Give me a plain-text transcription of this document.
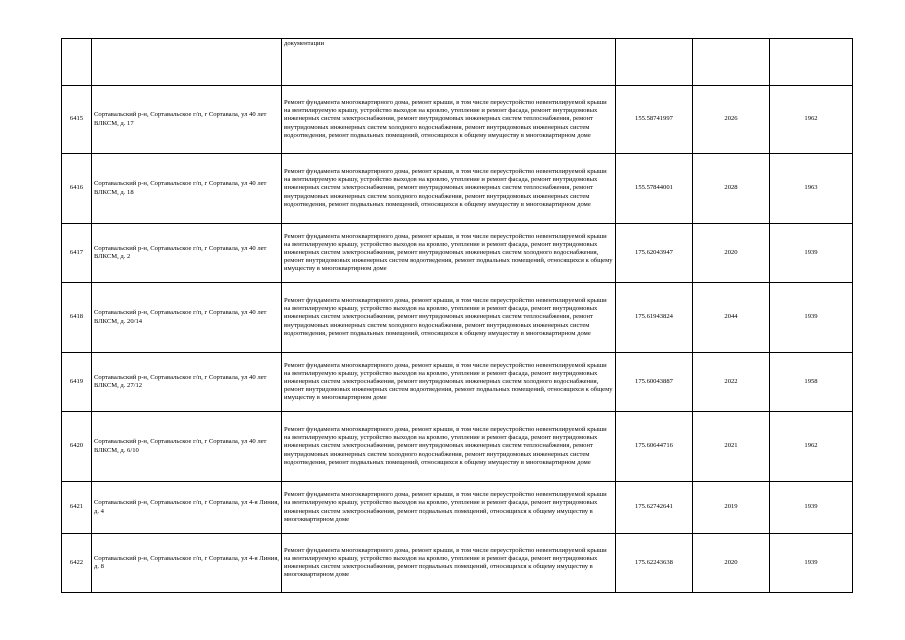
		документации			
6415	Сортавальский р-н, Сортавальское г/п, г Сортавала, ул 40 лет ВЛКСМ, д. 17	Ремонт фундамента многоквартирного дома, ремонт крыши, в том числе переустройство невентилируемой крыши на вентилируемую крышу, устройство выходов на кровлю, утепление и ремонт фасада, ремонт внутридомовых инженерных систем электроснабжения, ремонт внутридомовых инженерных систем теплоснабжения, ремонт внутридомовых инженерных систем холодного водоснабжения, ремонт внутридомовых инженерных систем водоотведения, ремонт подвальных помещений, относящихся к общему имуществу в многоквартирном доме	155.58741997	2026	1962
6416	Сортавальский р-н, Сортавальское г/п, г Сортавала, ул 40 лет ВЛКСМ, д. 18	Ремонт фундамента многоквартирного дома, ремонт крыши, в том числе переустройство невентилируемой крыши на вентилируемую крышу, устройство выходов на кровлю, утепление и ремонт фасада, ремонт внутридомовых инженерных систем электроснабжения, ремонт внутридомовых инженерных систем теплоснабжения, ремонт внутридомовых инженерных систем холодного водоснабжения, ремонт внутридомовых инженерных систем водоотведения, ремонт подвальных помещений, относящихся к общему имуществу в многоквартирном доме	155.57844001	2028	1963
6417	Сортавальский р-н, Сортавальское г/п, г Сортавала, ул 40 лет ВЛКСМ, д. 2	Ремонт фундамента многоквартирного дома, ремонт крыши, в том числе переустройство невентилируемой крыши на вентилируемую крышу, устройство выходов на кровлю, утепление и ремонт фасада, ремонт внутридомовых инженерных систем электроснабжения, ремонт внутридомовых инженерных систем холодного водоснабжения, ремонт внутридомовых инженерных систем водоотведения, ремонт подвальных помещений, относящихся к общему имуществу в многоквартирном доме	175.62043947	2020	1939
6418	Сортавальский р-н, Сортавальское г/п, г Сортавала, ул 40 лет ВЛКСМ, д. 20/14	Ремонт фундамента многоквартирного дома, ремонт крыши, в том числе переустройство невентилируемой крыши на вентилируемую крышу, устройство выходов на кровлю, утепление и ремонт фасада, ремонт внутридомовых инженерных систем электроснабжения, ремонт внутридомовых инженерных систем теплоснабжения, ремонт внутридомовых инженерных систем холодного водоснабжения, ремонт внутридомовых инженерных систем водоотведения, ремонт подвальных помещений, относящихся к общему имуществу в многоквартирном доме	175.61943824	2044	1939
6419	Сортавальский р-н, Сортавальское г/п, г Сортавала, ул 40 лет ВЛКСМ, д. 27/12	Ремонт фундамента многоквартирного дома, ремонт крыши, в том числе переустройство невентилируемой крыши на вентилируемую крышу, устройство выходов на кровлю, утепление и ремонт фасада, ремонт внутридомовых инженерных систем электроснабжения, ремонт внутридомовых инженерных систем холодного водоснабжения, ремонт внутридомовых инженерных систем водоотведения, ремонт подвальных помещений, относящихся к общему имуществу в многоквартирном доме	175.60043887	2022	1958
6420	Сортавальский р-н, Сортавальское г/п, г Сортавала, ул 40 лет ВЛКСМ, д. 6/10	Ремонт фундамента многоквартирного дома, ремонт крыши, в том числе переустройство невентилируемой крыши на вентилируемую крышу, устройство выходов на кровлю, утепление и ремонт фасада, ремонт внутридомовых инженерных систем электроснабжения, ремонт внутридомовых инженерных систем теплоснабжения, ремонт внутридомовых инженерных систем холодного водоснабжения, ремонт внутридомовых инженерных систем водоотведения, ремонт подвальных помещений, относящихся к общему имуществу в многоквартирном доме	175.60644716	2021	1962
6421	Сортавальский р-н, Сортавальское г/п, г Сортавала, ул 4-я Линия, д. 4	Ремонт фундамента многоквартирного дома, ремонт крыши, в том числе переустройство невентилируемой крыши на вентилируемую крышу, устройство выходов на кровлю, утепление и ремонт фасада, ремонт внутридомовых инженерных систем электроснабжения, ремонт подвальных помещений, относящихся к общему имуществу в многоквартирном доме	175.62742641	2019	1939
6422	Сортавальский р-н, Сортавальское г/п, г Сортавала, ул 4-я Линия, д. 8	Ремонт фундамента многоквартирного дома, ремонт крыши, в том числе переустройство невентилируемой крыши на вентилируемую крышу, устройство выходов на кровлю, утепление и ремонт фасада, ремонт внутридомовых инженерных систем электроснабжения, ремонт подвальных помещений, относящихся к общему имуществу в многоквартирном доме	175.62243638	2020	1939
